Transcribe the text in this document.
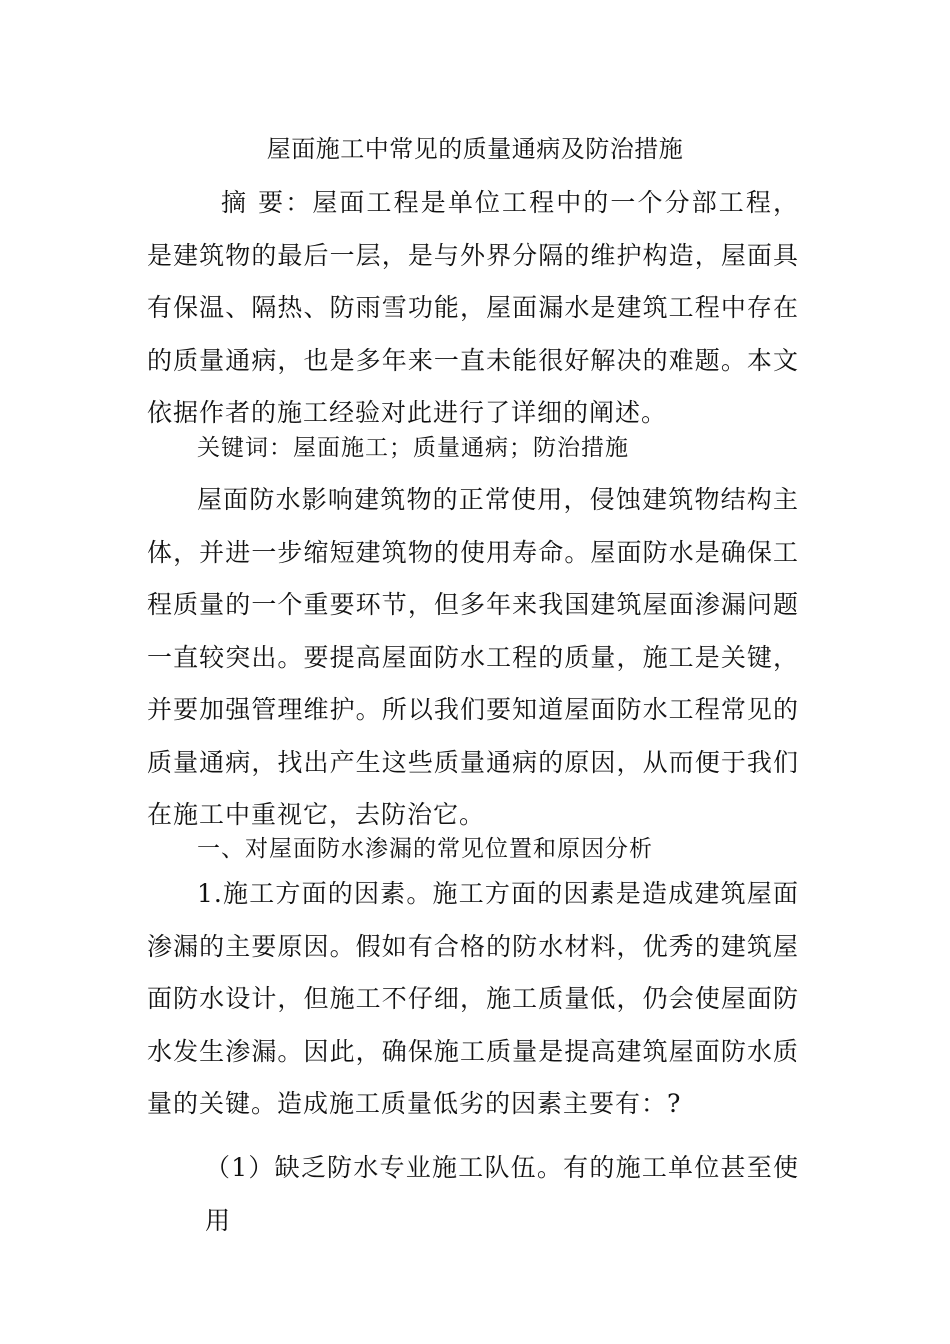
屋面施工中常见的质量通病及防治措施

摘 要：屋面工程是单位工程中的一个分部工程，是建筑物的最后一层，是与外界分隔的维护构造，屋面具有保温、隔热、防雨雪功能，屋面漏水是建筑工程中存在的质量通病，也是多年来一直未能很好解决的难题。本文依据作者的施工经验对此进行了详细的阐述。

关键词：屋面施工；质量通病；防治措施

屋面防水影响建筑物的正常使用，侵蚀建筑物结构主体，并进一步缩短建筑物的使用寿命。屋面防水是确保工程质量的一个重要环节，但多年来我国建筑屋面渗漏问题一直较突出。要提高屋面防水工程的质量，施工是关键，并要加强管理维护。所以我们要知道屋面防水工程常见的质量通病，找出产生这些质量通病的原因，从而便于我们在施工中重视它，去防治它。

一、对屋面防水渗漏的常见位置和原因分析

1.施工方面的因素。施工方面的因素是造成建筑屋面渗漏的主要原因。假如有合格的防水材料，优秀的建筑屋面防水设计，但施工不仔细，施工质量低，仍会使屋面防水发生渗漏。因此，确保施工质量是提高建筑屋面防水质量的关键。造成施工质量低劣的因素主要有：?

（1）缺乏防水专业施工队伍。有的施工单位甚至使用
